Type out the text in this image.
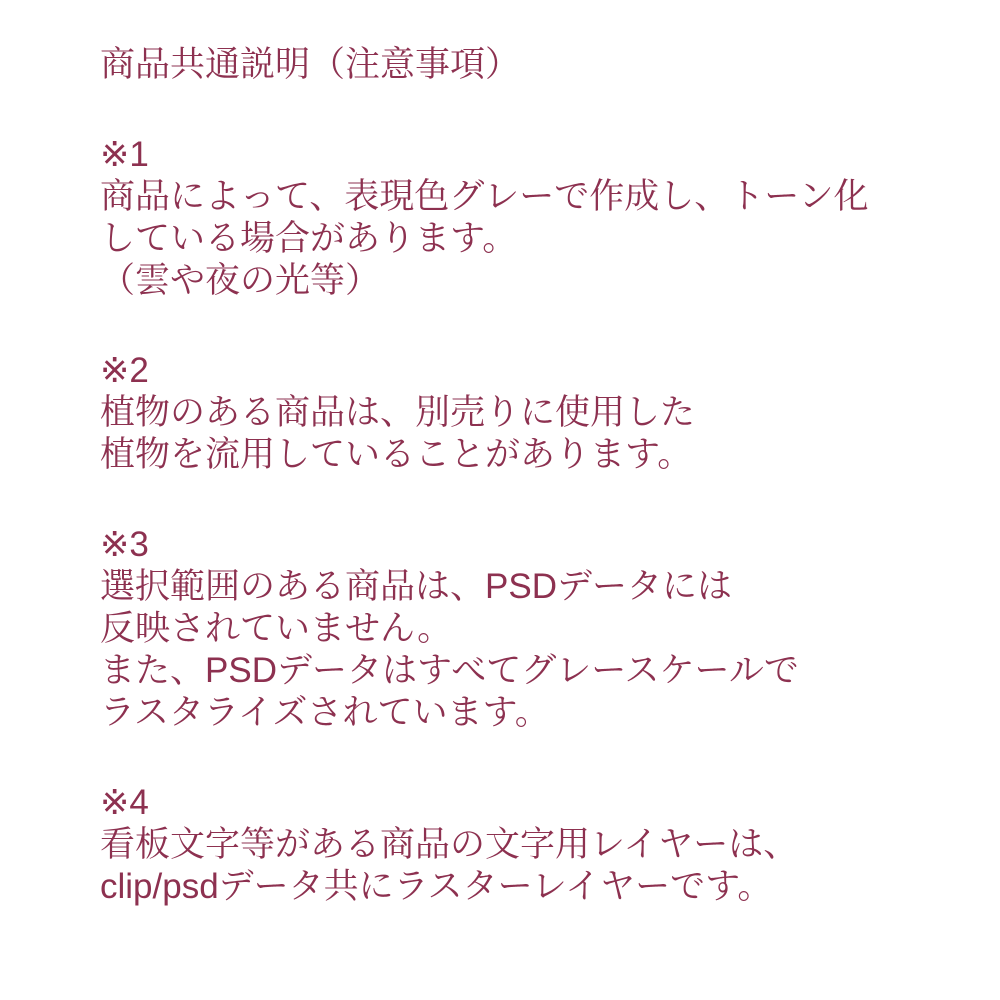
商品共通説明（注意事項）
※1
商品によって、表現色グレーで作成し、トーン化
している場合があります。
（雲や夜の光等）
※2
植物のある商品は、別売りに使用した
植物を流用していることがあります。
※3
選択範囲のある商品は、PSDデータには
反映されていません。
また、PSDデータはすべてグレースケールで
ラスタライズされています。
※4
看板文字等がある商品の文字用レイヤーは、
clip/psdデータ共にラスターレイヤーです。
